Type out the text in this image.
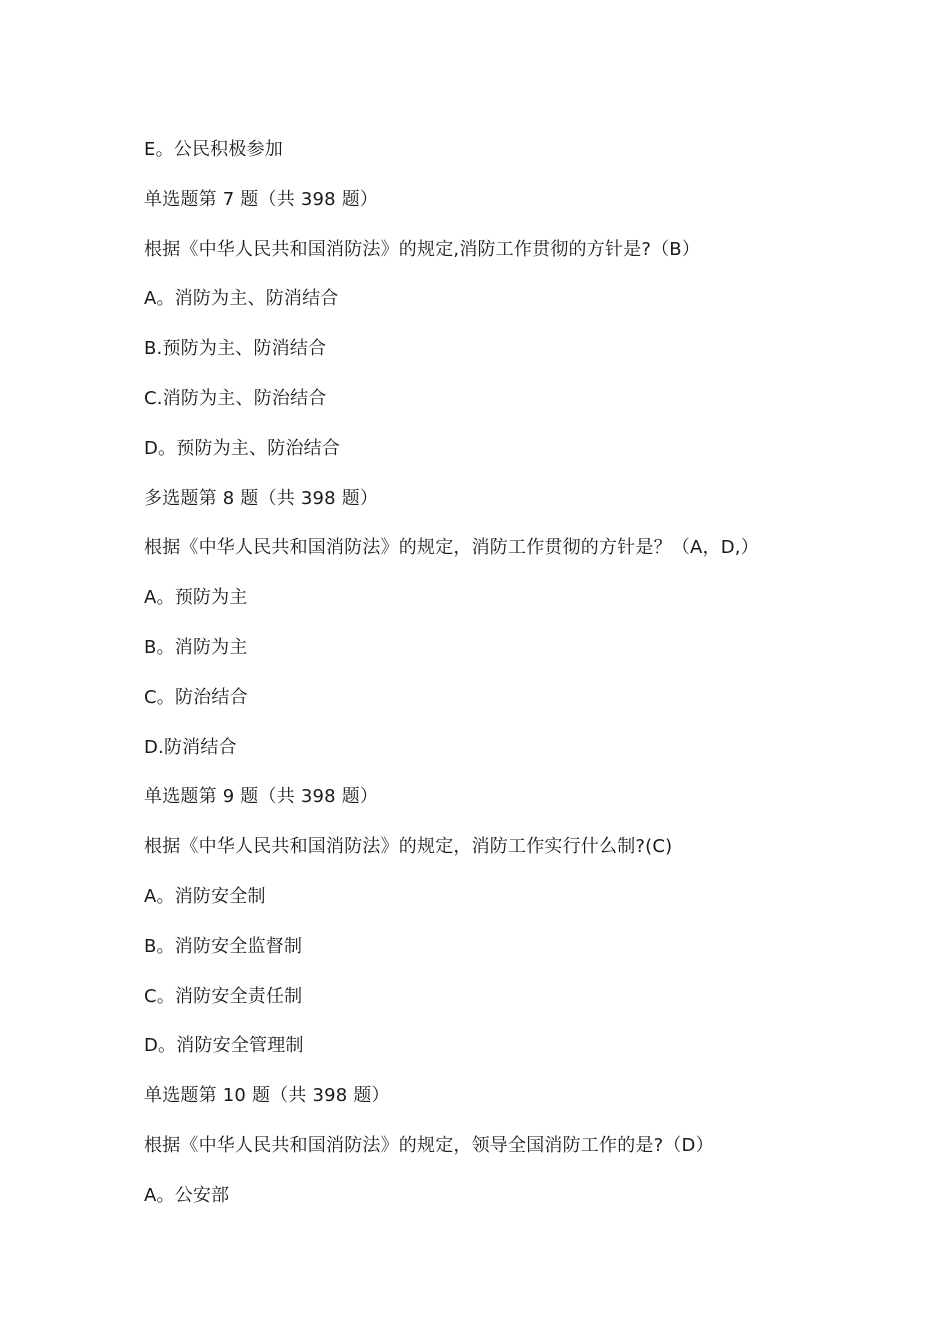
E。公民积极参加
单选题第 7 题（共 398 题）
根据《中华人民共和国消防法》的规定,消防工作贯彻的方针是?（B）
A。消防为主、防消结合
B.预防为主、防消结合
C.消防为主、防治结合
D。预防为主、防治结合
多选题第 8 题（共 398 题）
根据《中华人民共和国消防法》的规定，消防工作贯彻的方针是？（A，D,）
A。预防为主
B。消防为主
C。防治结合
D.防消结合
单选题第 9 题（共 398 题）
根据《中华人民共和国消防法》的规定，消防工作实行什么制?(C)
A。消防安全制
B。消防安全监督制
C。消防安全责任制
D。消防安全管理制
单选题第 10 题（共 398 题）
根据《中华人民共和国消防法》的规定，领导全国消防工作的是?（D）
A。公安部
